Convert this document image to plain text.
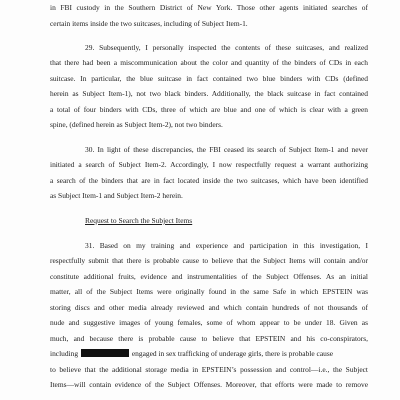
in FBI custody in the Southern District of New York. Those other agents initiated searches of
certain items inside the two suitcases, including of Subject Item-1.
29. Subsequently, I personally inspected the contents of these suitcases, and realized
that there had been a miscommunication about the color and quantity of the binders of CDs in each
suitcase. In particular, the blue suitcase in fact contained two blue binders with CDs (defined
herein as Subject Item-1), not two black binders. Additionally, the black suitcase in fact contained
a total of four binders with CDs, three of which are blue and one of which is clear with a green
spine, (defined herein as Subject Item-2), not two binders.
30. In light of these discrepancies, the FBI ceased its search of Subject Item-1 and never
initiated a search of Subject Item-2. Accordingly, I now respectfully request a warrant authorizing
a search of the binders that are in fact located inside the two suitcases, which have been identified
as Subject Item-1 and Subject Item-2 herein.
Request to Search the Subject Items
31. Based on my training and experience and participation in this investigation, I
respectfully submit that there is probable cause to believe that the Subject Items will contain and/or
constitute additional fruits, evidence and instrumentalities of the Subject Offenses. As an initial
matter, all of the Subject Items were originally found in the same Safe in which EPSTEIN was
storing discs and other media already reviewed and which contain hundreds of not thousands of
nude and suggestive images of young females, some of whom appear to be under 18. Given as
much, and because there is probable cause to believe that EPSTEIN and his co-conspirators,
including	engaged in sex trafficking of underage girls, there is probable cause
to believe that the additional storage media in EPSTEIN’s possession and control—i.e., the Subject
Items—will contain evidence of the Subject Offenses. Moreover, that efforts were made to remove
